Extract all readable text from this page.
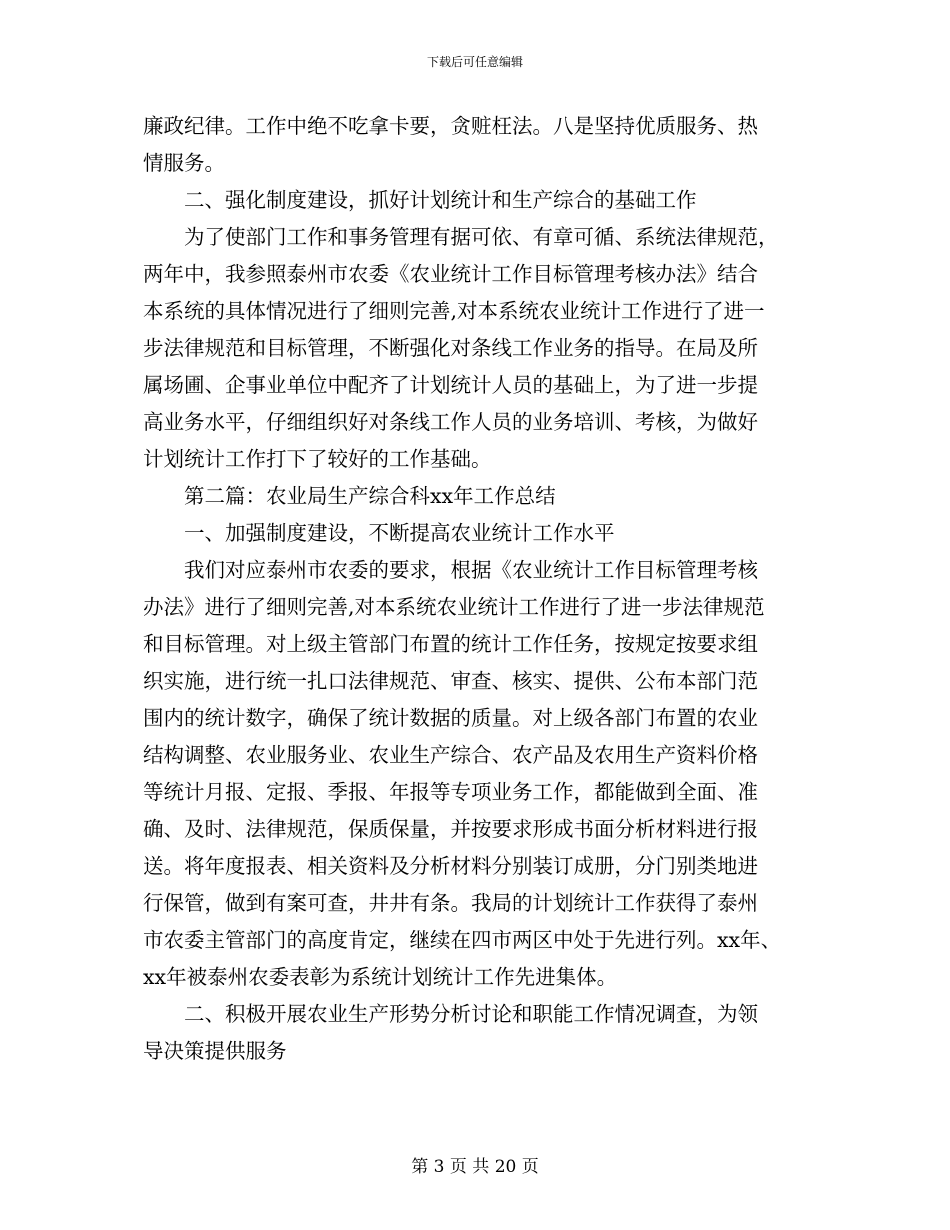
下载后可任意编辑

廉政纪律。工作中绝不吃拿卡要，贪赃枉法。八是坚持优质服务、热

情服务。

　　二、强化制度建设，抓好计划统计和生产综合的基础工作

　　为了使部门工作和事务管理有据可依、有章可循、系统法律规范，

两年中，我参照泰州市农委《农业统计工作目标管理考核办法》结合

本系统的具体情况进行了细则完善,对本系统农业统计工作进行了进一

步法律规范和目标管理，不断强化对条线工作业务的指导。在局及所

属场圃、企事业单位中配齐了计划统计人员的基础上，为了进一步提

高业务水平，仔细组织好对条线工作人员的业务培训、考核，为做好

计划统计工作打下了较好的工作基础。

　　第二篇：农业局生产综合科xx年工作总结

　　一、加强制度建设，不断提高农业统计工作水平

　　我们对应泰州市农委的要求，根据《农业统计工作目标管理考核

办法》进行了细则完善,对本系统农业统计工作进行了进一步法律规范

和目标管理。对上级主管部门布置的统计工作任务，按规定按要求组

织实施，进行统一扎口法律规范、审查、核实、提供、公布本部门范

围内的统计数字，确保了统计数据的质量。对上级各部门布置的农业

结构调整、农业服务业、农业生产综合、农产品及农用生产资料价格

等统计月报、定报、季报、年报等专项业务工作，都能做到全面、准

确、及时、法律规范，保质保量，并按要求形成书面分析材料进行报

送。将年度报表、相关资料及分析材料分别装订成册，分门别类地进

行保管，做到有案可查，井井有条。我局的计划统计工作获得了泰州

市农委主管部门的高度肯定，继续在四市两区中处于先进行列。xx年、

xx年被泰州农委表彰为系统计划统计工作先进集体。

　　二、积极开展农业生产形势分析讨论和职能工作情况调查，为领

导决策提供服务

第 3 页 共 20 页
